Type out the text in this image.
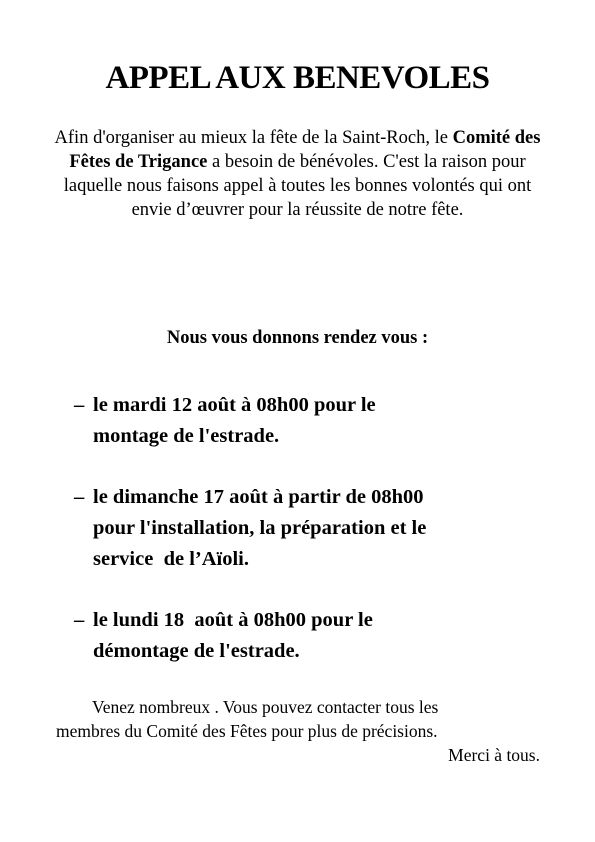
APPEL AUX BENEVOLES

Afin d'organiser au mieux la fête de la Saint-Roch, le Comité des Fêtes de Trigance a besoin de bénévoles. C'est la raison pour laquelle nous faisons appel à toutes les bonnes volontés qui ont envie d’œuvrer pour la réussite de notre fête.

Nous vous donnons rendez vous :

– le mardi 12 août à 08h00 pour le
montage de l'estrade.
– le dimanche 17 août à partir de 08h00
pour l'installation, la préparation et le
service  de l’Aïoli.
– le lundi 18  août à 08h00 pour le
démontage de l'estrade.

Venez nombreux . Vous pouvez contacter tous les
membres du Comité des Fêtes pour plus de précisions.
Merci à tous.
